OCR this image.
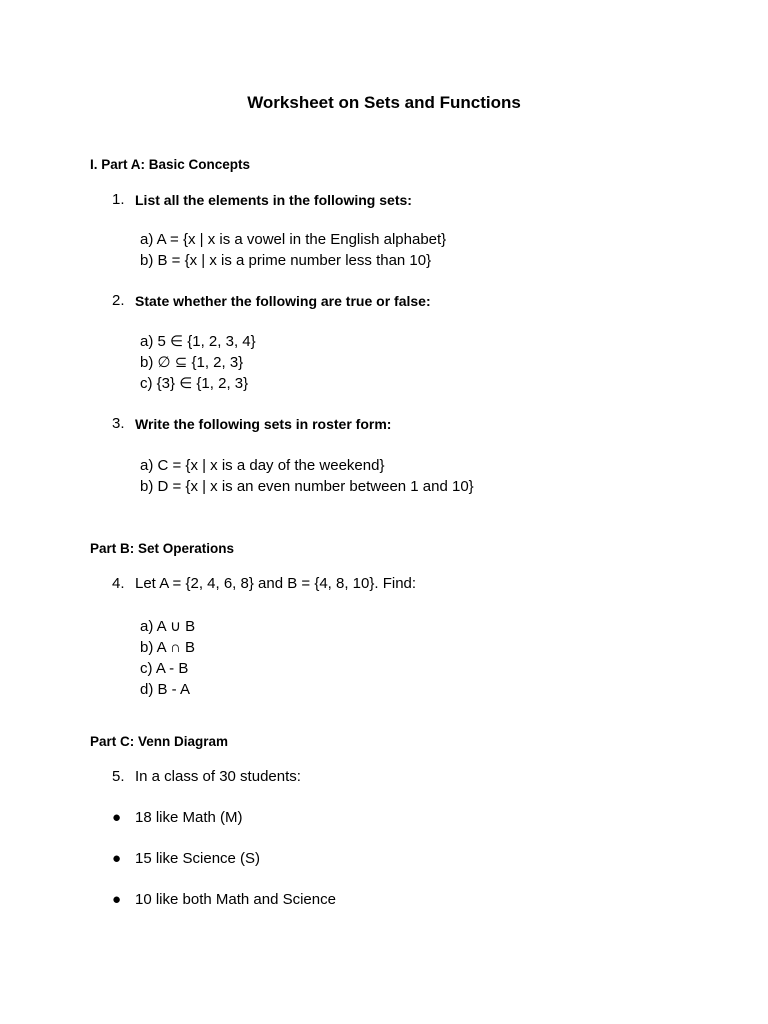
Worksheet on Sets and Functions
I. Part A: Basic Concepts
1. List all the elements in the following sets:
a) A = {x | x is a vowel in the English alphabet}
b) B = {x | x is a prime number less than 10}
2. State whether the following are true or false:
a) 5 ∈ {1, 2, 3, 4}
b) ∅ ⊆ {1, 2, 3}
c) {3} ∈ {1, 2, 3}
3. Write the following sets in roster form:
a) C = {x | x is a day of the weekend}
b) D = {x | x is an even number between 1 and 10}
Part B: Set Operations
4. Let A = {2, 4, 6, 8} and B = {4, 8, 10}. Find:
a) A ∪ B
b) A ∩ B
c) A - B
d) B - A
Part C: Venn Diagram
5. In a class of 30 students:
● 18 like Math (M)
● 15 like Science (S)
● 10 like both Math and Science
